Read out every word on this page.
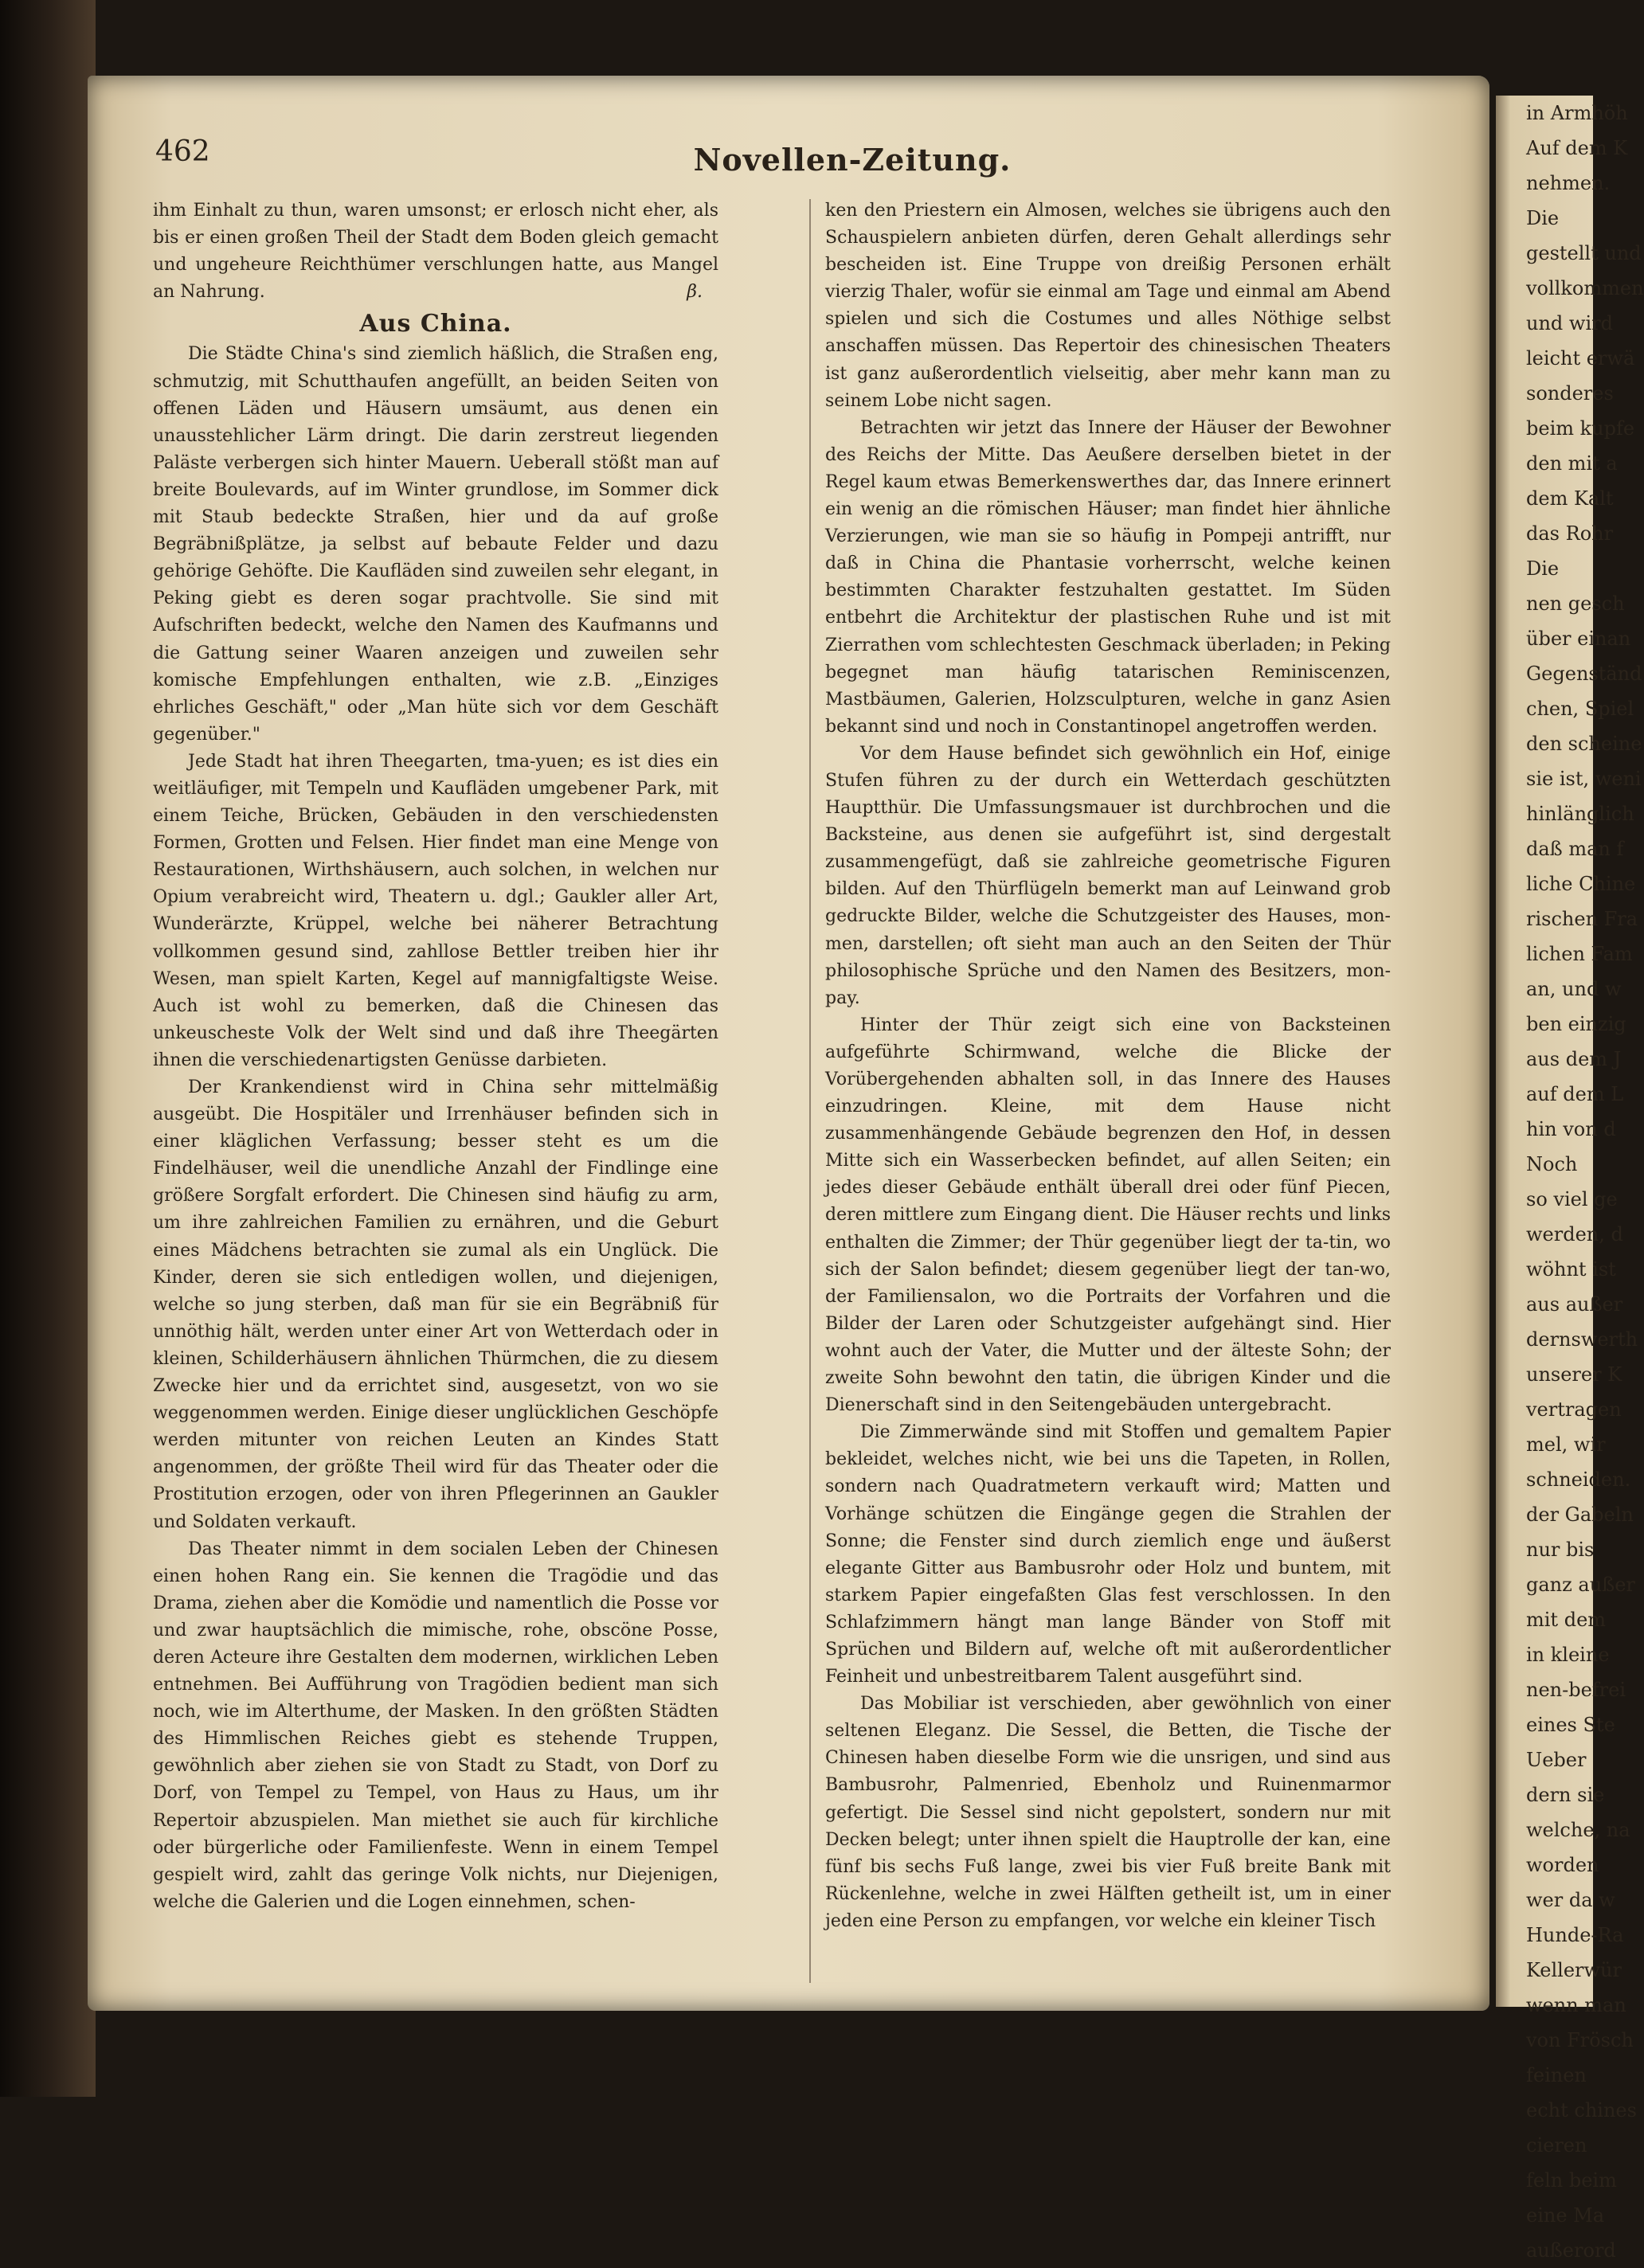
in Armhöh
Auf dem K
nehmen.
Die
gestellt und
vollkommen
und wird
leicht erwä
sonderes
beim kupfe
den mit a
dem Kalt
das Rohr
Die
nen gesch
über einan
Gegenständ
chen, Spiel
den scheine
sie ist, weni
hinlänglich
daß man f
liche Chine
rischen Fra
lichen Fam
an, und w
ben einzig
aus dem J
auf dem L
hin von d
Noch
so viel ge
werden, d
wöhnt ist
aus außer
dernswerth
unserer K
vertragen
mel, wir
schneiden.
der Gabeln
nur bis
ganz außer
mit dem
in kleine
nen-befrei
eines Ste
Ueber
dern sie
welche, na
worden
wer da w
Hunde-Ra
Kellerwür
wenn man
von Frösch
feinen
echt chines
cieren
feln beim
eine Ma
außerord
462	Novellen-Zeitung.

ihm Einhalt zu thun, waren umsonst; er erlosch nicht eher, als bis er einen großen Theil der Stadt dem Boden gleich gemacht und ungeheure Reichthümer verschlungen hatte, aus Mangel an Nahrung.	β.

Aus China.

Die Städte China's sind ziemlich häßlich, die Straßen eng, schmutzig, mit Schutthaufen angefüllt, an beiden Seiten von offenen Läden und Häusern umsäumt, aus denen ein unausstehlicher Lärm dringt. Die darin zerstreut liegenden Paläste verbergen sich hinter Mauern. Ueberall stößt man auf breite Boulevards, auf im Winter grundlose, im Sommer dick mit Staub bedeckte Straßen, hier und da auf große Begräbnißplätze, ja selbst auf bebaute Felder und dazu gehörige Gehöfte. Die Kaufläden sind zuweilen sehr elegant, in Peking giebt es deren sogar prachtvolle. Sie sind mit Aufschriften bedeckt, welche den Namen des Kaufmanns und die Gattung seiner Waaren anzeigen und zuweilen sehr komische Empfehlungen enthalten, wie z.B. „Einziges ehrliches Geschäft," oder „Man hüte sich vor dem Geschäft gegenüber."

Jede Stadt hat ihren Theegarten, tma-yuen; es ist dies ein weitläufiger, mit Tempeln und Kaufläden umgebener Park, mit einem Teiche, Brücken, Gebäuden in den verschiedensten Formen, Grotten und Felsen. Hier findet man eine Menge von Restaurationen, Wirthshäusern, auch solchen, in welchen nur Opium verabreicht wird, Theatern u. dgl.; Gaukler aller Art, Wunderärzte, Krüppel, welche bei näherer Betrachtung vollkommen gesund sind, zahllose Bettler treiben hier ihr Wesen, man spielt Karten, Kegel auf mannigfaltigste Weise. Auch ist wohl zu bemerken, daß die Chinesen das unkeuscheste Volk der Welt sind und daß ihre Theegärten ihnen die verschiedenartigsten Genüsse darbieten.

Der Krankendienst wird in China sehr mittelmäßig ausgeübt. Die Hospitäler und Irrenhäuser befinden sich in einer kläglichen Verfassung; besser steht es um die Findelhäuser, weil die unendliche Anzahl der Findlinge eine größere Sorgfalt erfordert. Die Chinesen sind häufig zu arm, um ihre zahlreichen Familien zu ernähren, und die Geburt eines Mädchens betrachten sie zumal als ein Unglück. Die Kinder, deren sie sich entledigen wollen, und diejenigen, welche so jung sterben, daß man für sie ein Begräbniß für unnöthig hält, werden unter einer Art von Wetterdach oder in kleinen, Schilderhäusern ähnlichen Thürmchen, die zu diesem Zwecke hier und da errichtet sind, ausgesetzt, von wo sie weggenommen werden. Einige dieser unglücklichen Geschöpfe werden mitunter von reichen Leuten an Kindes Statt angenommen, der größte Theil wird für das Theater oder die Prostitution erzogen, oder von ihren Pflegerinnen an Gaukler und Soldaten verkauft.

Das Theater nimmt in dem socialen Leben der Chinesen einen hohen Rang ein. Sie kennen die Tragödie und das Drama, ziehen aber die Komödie und namentlich die Posse vor und zwar hauptsächlich die mimische, rohe, obscöne Posse, deren Acteure ihre Gestalten dem modernen, wirklichen Leben entnehmen. Bei Aufführung von Tragödien bedient man sich noch, wie im Alterthume, der Masken. In den größten Städten des Himmlischen Reiches giebt es stehende Truppen, gewöhnlich aber ziehen sie von Stadt zu Stadt, von Dorf zu Dorf, von Tempel zu Tempel, von Haus zu Haus, um ihr Repertoir abzuspielen. Man miethet sie auch für kirchliche oder bürgerliche oder Familienfeste. Wenn in einem Tempel gespielt wird, zahlt das geringe Volk nichts, nur Diejenigen, welche die Galerien und die Logen einnehmen, schen-

ken den Priestern ein Almosen, welches sie übrigens auch den Schauspielern anbieten dürfen, deren Gehalt allerdings sehr bescheiden ist. Eine Truppe von dreißig Personen erhält vierzig Thaler, wofür sie einmal am Tage und einmal am Abend spielen und sich die Costumes und alles Nöthige selbst anschaffen müssen. Das Repertoir des chinesischen Theaters ist ganz außerordentlich vielseitig, aber mehr kann man zu seinem Lobe nicht sagen.

Betrachten wir jetzt das Innere der Häuser der Bewohner des Reichs der Mitte. Das Aeußere derselben bietet in der Regel kaum etwas Bemerkenswerthes dar, das Innere erinnert ein wenig an die römischen Häuser; man findet hier ähnliche Verzierungen, wie man sie so häufig in Pompeji antrifft, nur daß in China die Phantasie vorherrscht, welche keinen bestimmten Charakter festzuhalten gestattet. Im Süden entbehrt die Architektur der plastischen Ruhe und ist mit Zierrathen vom schlechtesten Geschmack überladen; in Peking begegnet man häufig tatarischen Reminiscenzen, Mastbäumen, Galerien, Holzsculpturen, welche in ganz Asien bekannt sind und noch in Constantinopel angetroffen werden.

Vor dem Hause befindet sich gewöhnlich ein Hof, einige Stufen führen zu der durch ein Wetterdach geschützten Hauptthür. Die Umfassungsmauer ist durchbrochen und die Backsteine, aus denen sie aufgeführt ist, sind dergestalt zusammengefügt, daß sie zahlreiche geometrische Figuren bilden. Auf den Thürflügeln bemerkt man auf Leinwand grob gedruckte Bilder, welche die Schutzgeister des Hauses, mon-men, darstellen; oft sieht man auch an den Seiten der Thür philosophische Sprüche und den Namen des Besitzers, mon-pay.

Hinter der Thür zeigt sich eine von Backsteinen aufgeführte Schirmwand, welche die Blicke der Vorübergehenden abhalten soll, in das Innere des Hauses einzudringen. Kleine, mit dem Hause nicht zusammenhängende Gebäude begrenzen den Hof, in dessen Mitte sich ein Wasserbecken befindet, auf allen Seiten; ein jedes dieser Gebäude enthält überall drei oder fünf Piecen, deren mittlere zum Eingang dient. Die Häuser rechts und links enthalten die Zimmer; der Thür gegenüber liegt der ta-tin, wo sich der Salon befindet; diesem gegenüber liegt der tan-wo, der Familiensalon, wo die Portraits der Vorfahren und die Bilder der Laren oder Schutzgeister aufgehängt sind. Hier wohnt auch der Vater, die Mutter und der älteste Sohn; der zweite Sohn bewohnt den tatin, die übrigen Kinder und die Dienerschaft sind in den Seitengebäuden untergebracht.

Die Zimmerwände sind mit Stoffen und gemaltem Papier bekleidet, welches nicht, wie bei uns die Tapeten, in Rollen, sondern nach Quadratmetern verkauft wird; Matten und Vorhänge schützen die Eingänge gegen die Strahlen der Sonne; die Fenster sind durch ziemlich enge und äußerst elegante Gitter aus Bambusrohr oder Holz und buntem, mit starkem Papier eingefaßten Glas fest verschlossen. In den Schlafzimmern hängt man lange Bänder von Stoff mit Sprüchen und Bildern auf, welche oft mit außerordentlicher Feinheit und unbestreitbarem Talent ausgeführt sind.

Das Mobiliar ist verschieden, aber gewöhnlich von einer seltenen Eleganz. Die Sessel, die Betten, die Tische der Chinesen haben dieselbe Form wie die unsrigen, und sind aus Bambusrohr, Palmenried, Ebenholz und Ruinenmarmor gefertigt. Die Sessel sind nicht gepolstert, sondern nur mit Decken belegt; unter ihnen spielt die Hauptrolle der kan, eine fünf bis sechs Fuß lange, zwei bis vier Fuß breite Bank mit Rückenlehne, welche in zwei Hälften getheilt ist, um in einer jeden eine Person zu empfangen, vor welche ein kleiner Tisch
